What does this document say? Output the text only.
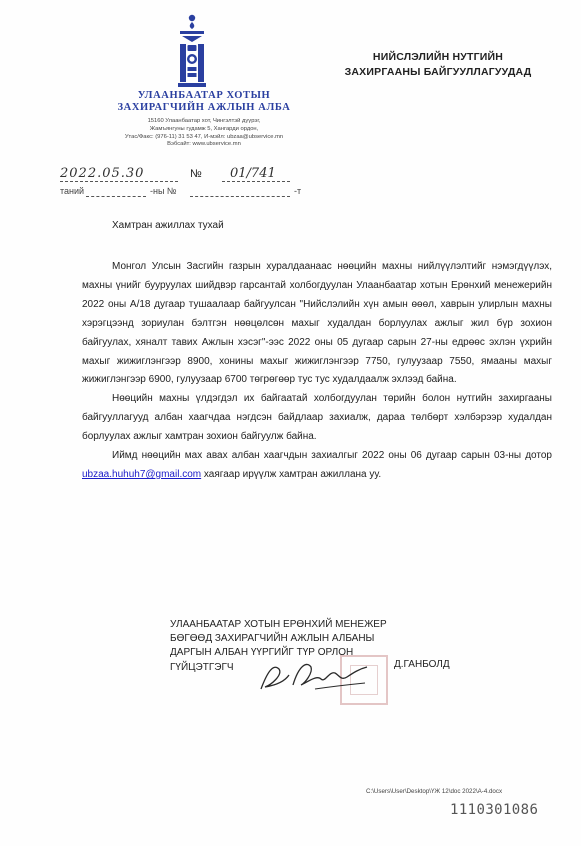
УЛААНБААТАР ХОТЫН
ЗАХИРАГЧИЙН АЖЛЫН АЛБА
15160 Улаанбаатар хот, Чингэлтэй дүүрэг,
Жамъянгуны гудамж 5, Хангарди ордон,
Утас/Факс: (976-11) 31 53 47, И-мэйл: ubzaa@ubservice.mn
Вэбсайт: www.ubservice.mn
НИЙСЛЭЛИЙН НУТГИЙН
ЗАХИРГААНЫ БАЙГУУЛЛАГУУДАД
2022.05.30	№ 01/741
таний	-ны №	-т
Хамтран ажиллах тухай

Монгол Улсын Засгийн газрын хуралдаанаас нөөцийн махны нийлүүлэлтийг нэмэгдүүлэх, махны үнийг бууруулах шийдвэр гарсантай холбогдуулан Улаанбаатар хотын Ерөнхий менежерийн 2022 оны А/18 дугаар тушаалаар байгуулсан "Нийслэлийн хүн амын өөөл, хаврын улирлын махны хэрэгцээнд зориулан бэлтгэн нөөцөлсөн махыг худалдан борлуулах ажлыг жил бүр зохион байгуулах, хяналт тавих Ажлын хэсэг"-ээс 2022 оны 05 дугаар сарын 27-ны едрөөс эхлэн үхрийн махыг жижиглэнгээр 8900, хонины махыг жижиглэнгээр 7750, гулуузаар 7550, ямааны махыг жижиглэнгээр 6900, гулуузаар 6700 төгрөгөөр тус тус худалдаалж эхлээд байна.

Нөөцийн махны үлдэгдэл их байгаатай холбогдуулан төрийн болон нутгийн захиргааны байгууллагууд албан хаагчдаа нэгдсэн байдлаар захиалж, дараа төлбөрт хэлбэрээр худалдан борлуулах ажлыг хамтран зохион байгуулж байна.

Иймд нөөцийн мах авах албан хаагчдын захиалгыг 2022 оны 06 дугаар сарын 03-ны дотор ubzaa.huhuh7@gmail.com хаягаар ирүүлж хамтран ажиллана уу.

УЛААНБААТАР ХОТЫН ЕРӨНХИЙ МЕНЕЖЕР
БӨГӨӨД ЗАХИРАГЧИЙН АЖЛЫН АЛБАНЫ
ДАРГЫН АЛБАН ҮҮРГИЙГ ТҮР ОРЛОН
ГҮЙЦЭТГЭГЧ	Д.ГАНБОЛД
C:\Users\User\Desktop\ҮЖ 12\doc 2022\А-4.docx
1110301086
